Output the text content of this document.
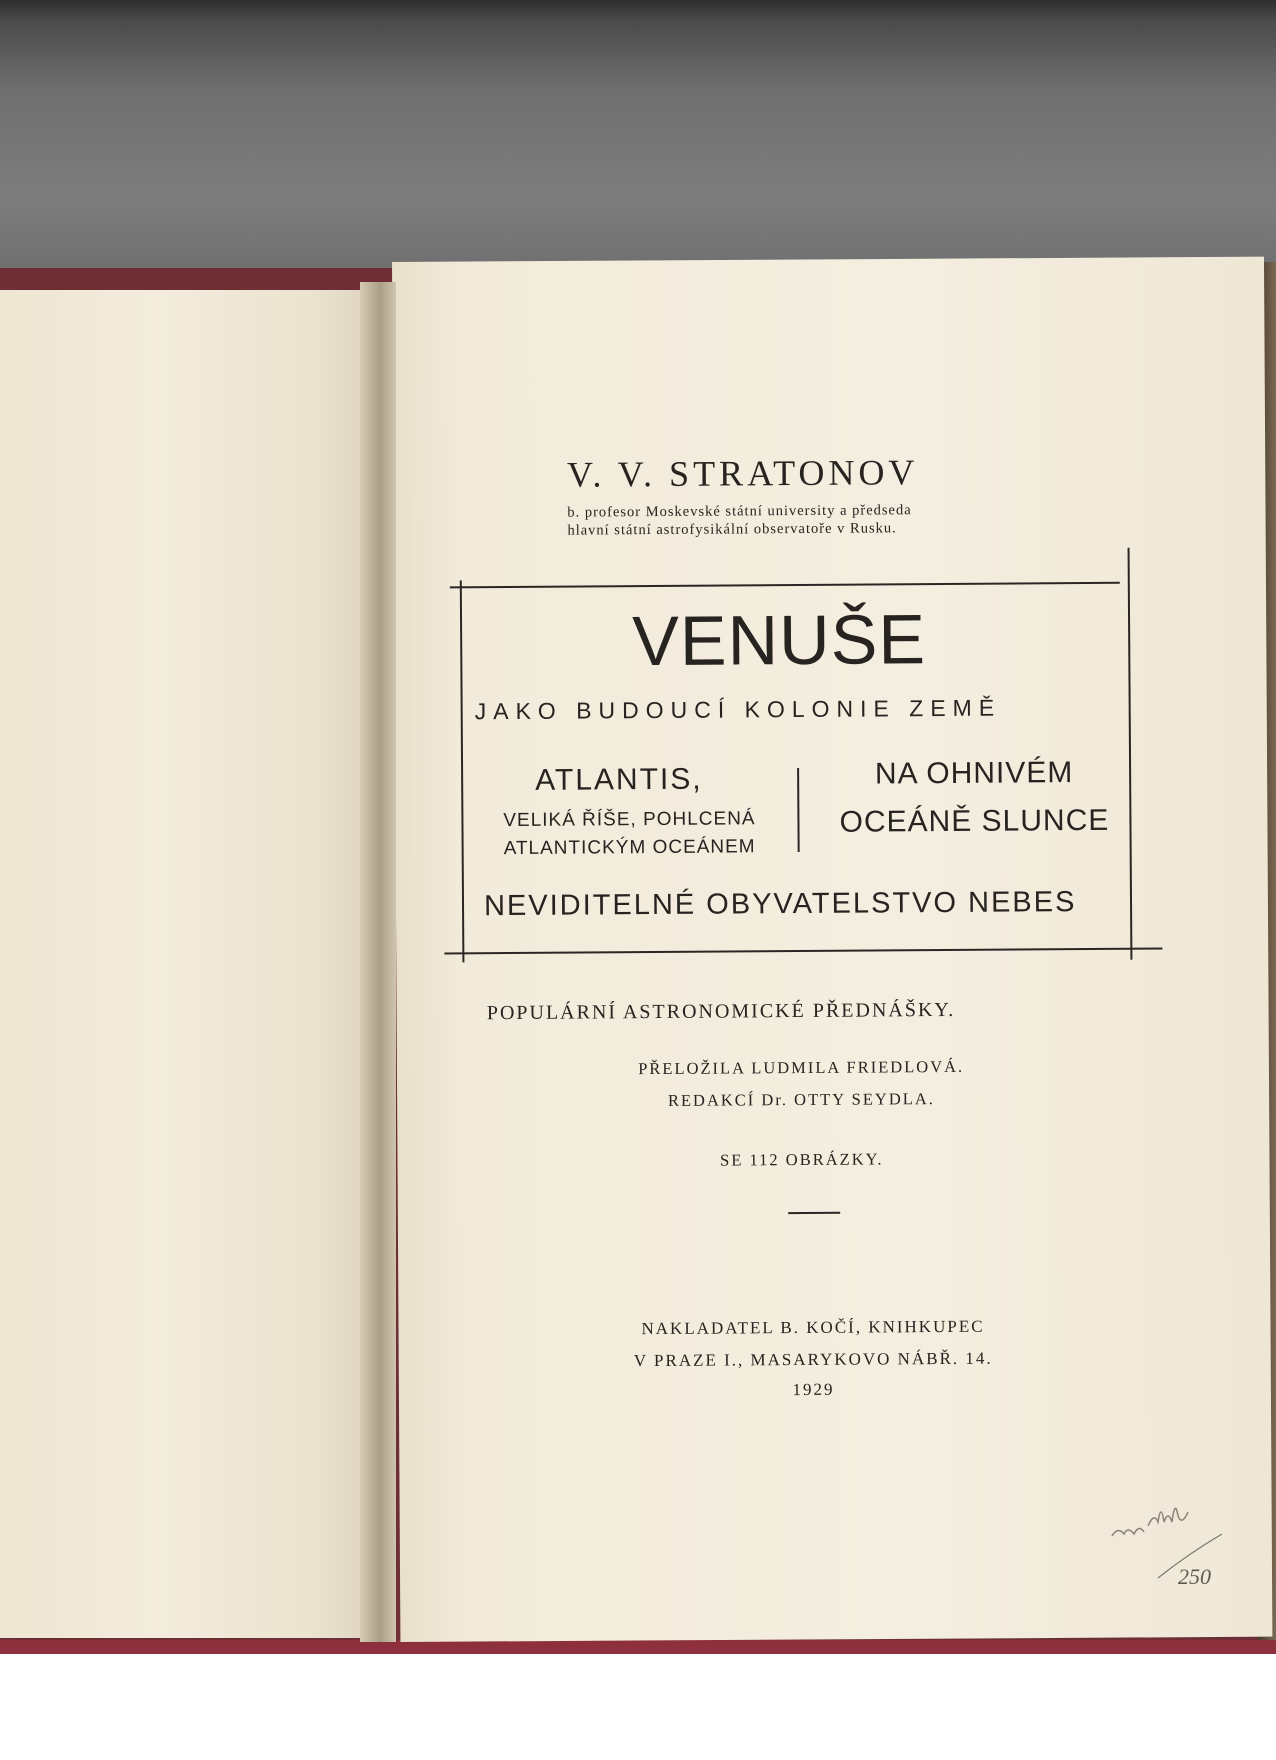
V. V. STRATONOV
b. profesor Moskevské státní university a předseda
hlavní státní astrofysikální observatoře v Rusku.
VENUŠE
JAKO BUDOUCÍ KOLONIE ZEMĚ
ATLANTIS,
VELIKÁ ŘÍŠE, POHLCENÁ
ATLANTICKÝM OCEÁNEM
NA OHNIVÉM
OCEÁNĚ SLUNCE
NEVIDITELNÉ OBYVATELSTVO NEBES
POPULÁRNÍ ASTRONOMICKÉ PŘEDNÁŠKY.
PŘELOŽILA LUDMILA FRIEDLOVÁ.
REDAKCÍ Dr. OTTY SEYDLA.
SE 112 OBRÁZKY.
NAKLADATEL B. KOČÍ, KNIHKUPEC
V PRAZE I., MASARYKOVO NÁBŘ. 14.
1929
250
